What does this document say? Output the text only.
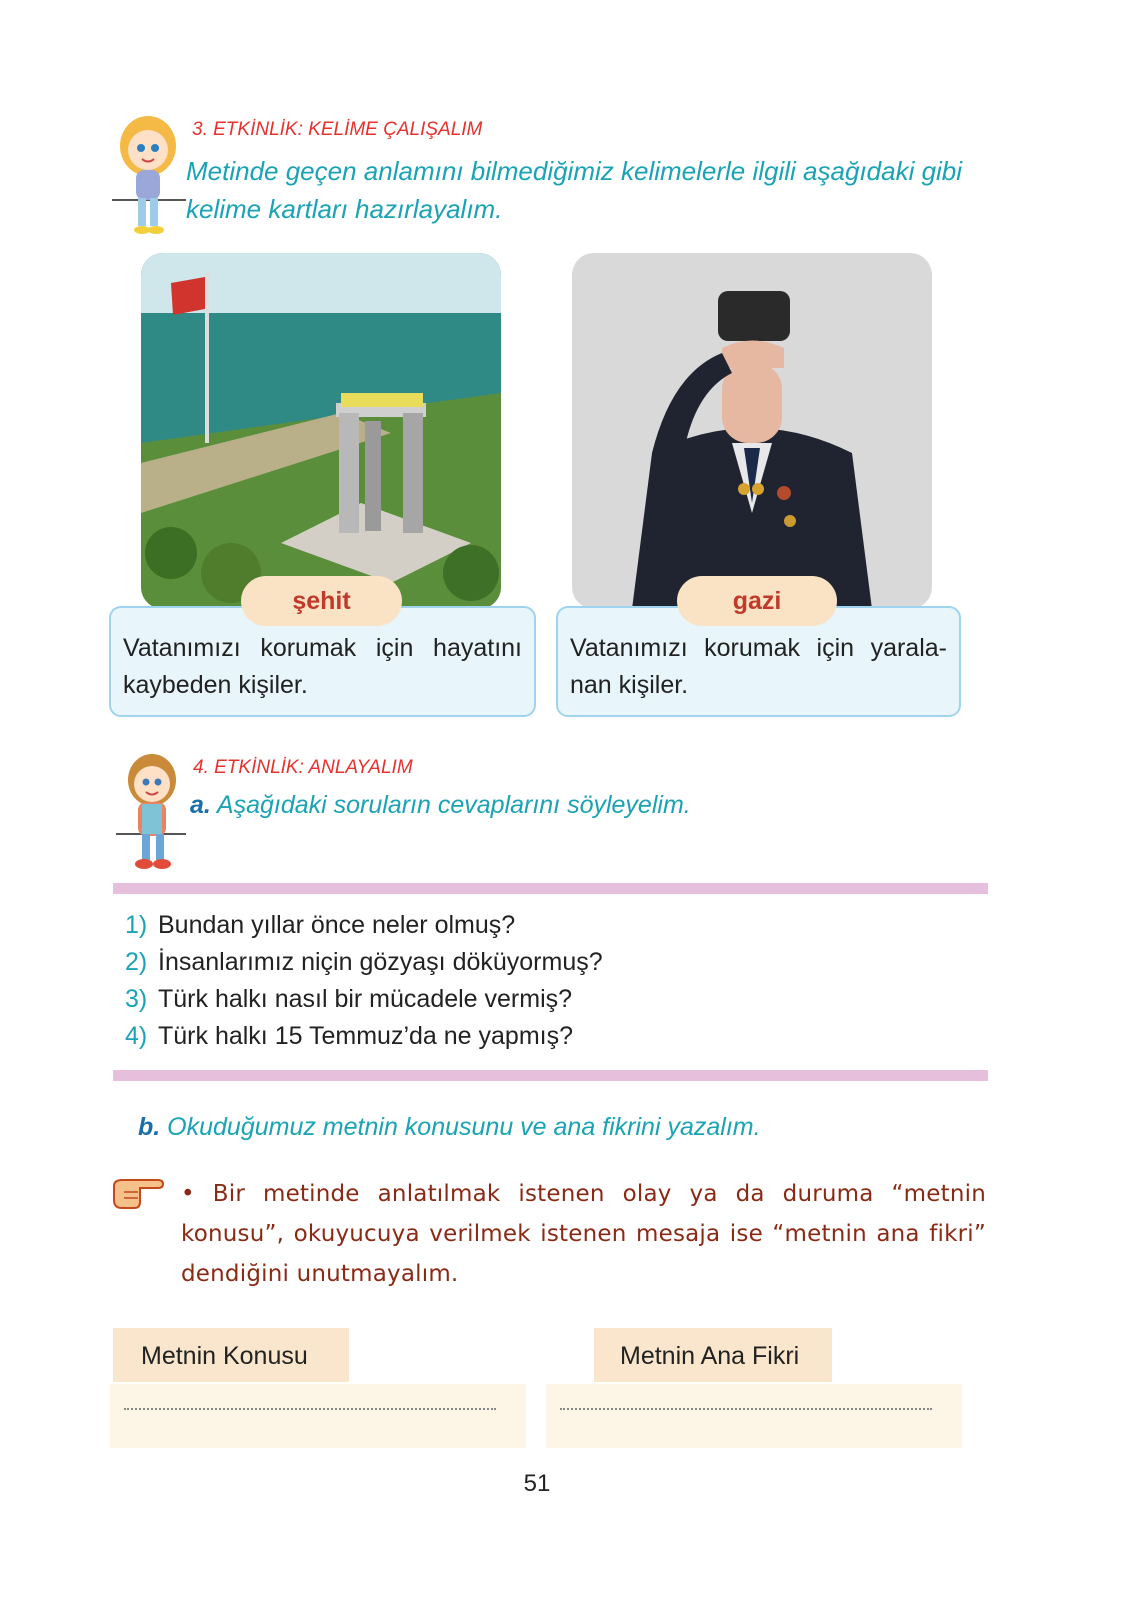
3. ETKİNLİK: KELİME ÇALIŞALIM
Metinde geçen anlamını bilmediğimiz kelimelerle ilgili aşağıdaki gibi
kelime kartları hazırlayalım.
Vatanımızı korumak için hayatını kaybeden kişiler.
şehit
Vatanımızı korumak için yarala-nan kişiler.
gazi
4. ETKİNLİK: ANLAYALIM
a. Aşağıdaki soruların cevaplarını söyleyelim.
1) Bundan yıllar önce neler olmuş?
2) İnsanlarımız niçin gözyaşı döküyormuş?
3) Türk halkı nasıl bir mücadele vermiş?
4) Türk halkı 15 Temmuz’da ne yapmış?
b. Okuduğumuz metnin konusunu ve ana fikrini yazalım.
• Bir metinde anlatılmak istenen olay ya da duruma “metnin konusu”, okuyucuya verilmek istenen mesaja ise “metnin ana fikri” dendiğini unutmayalım.
Metnin Konusu	Metnin Ana Fikri
51
